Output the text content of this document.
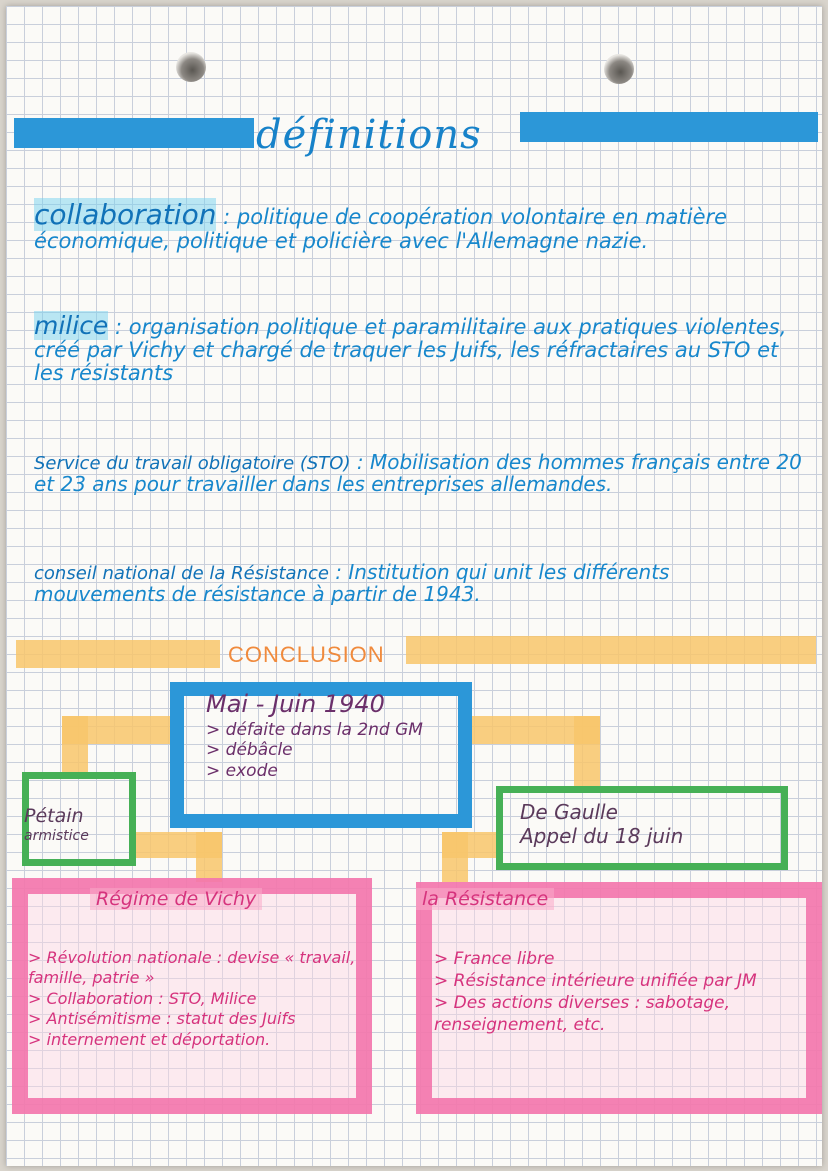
définitions
collaboration : politique de coopération volontaire en matière économique, politique et policière avec l'Allemagne nazie.
milice : organisation politique et paramilitaire aux pratiques violentes, créé par Vichy et chargé de traquer les Juifs, les réfractaires au STO et les résistants
Service du travail obligatoire (STO) : Mobilisation des hommes français entre 20 et 23 ans pour travailler dans les entreprises allemandes.
conseil national de la Résistance : Institution qui unit les différents mouvements de résistance à partir de 1943.
CONCLUSION
Mai - Juin 1940
> défaite dans la 2nd GM
> débâcle
> exode
Pétain
armistice
De Gaulle
Appel du 18 juin
Régime de Vichy
> Révolution nationale : devise « travail, famille, patrie »
> Collaboration : STO, Milice
> Antisémitisme : statut des Juifs
> internement et déportation.
la Résistance
> France libre
> Résistance intérieure unifiée par JM
> Des actions diverses : sabotage, renseignement, etc.
